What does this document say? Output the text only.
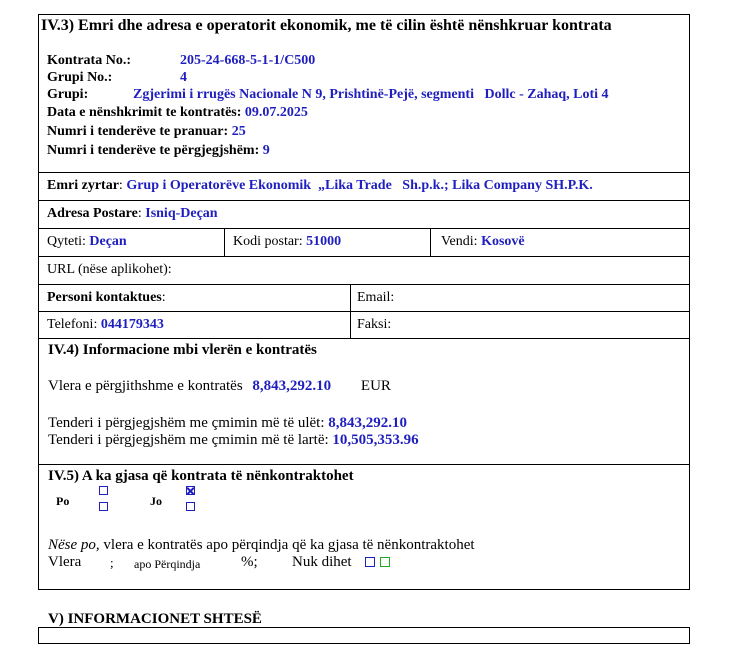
IV.3) Emri dhe adresa e operatorit ekonomik, me të cilin është nënshkruar kontrata
Kontrata No.:	205-24-668-5-1-1/C500
Grupi No.:	4
Grupi:	Zgjerimi i rrugës Nacionale N 9, Prishtinë-Pejë, segmenti   Dollc - Zahaq, Loti 4
Data e nënshkrimit te kontratës: 09.07.2025
Numri i tenderëve te pranuar: 25
Numri i tenderëve te përgjegjshëm: 9
Emri zyrtar: Grup i Operatorëve Ekonomik  „Lika Trade   Sh.p.k.; Lika Company SH.P.K.
Adresa Postare: Isniq-Deçan
Qyteti: Deçan	Kodi postar: 51000	Vendi: Kosovë
URL (nëse aplikohet):
Personi kontaktues:	Email:
Telefoni: 044179343	Faksi:
IV.4) Informacione mbi vlerën e kontratës
Vlera e përgjithshme e kontratës 8,843,292.10 EUR
Tenderi i përgjegjshëm me çmimin më të ulët: 8,843,292.10
Tenderi i përgjegjshëm me çmimin më të lartë: 10,505,353.96
IV.5) A ka gjasa që kontrata të nënkontraktohet
Po	Jo
Nëse po, vlera e kontratës apo përqindja që ka gjasa të nënkontraktohet
Vlera ; apo Përqindja	%; Nuk dihet
V) INFORMACIONET SHTESË
